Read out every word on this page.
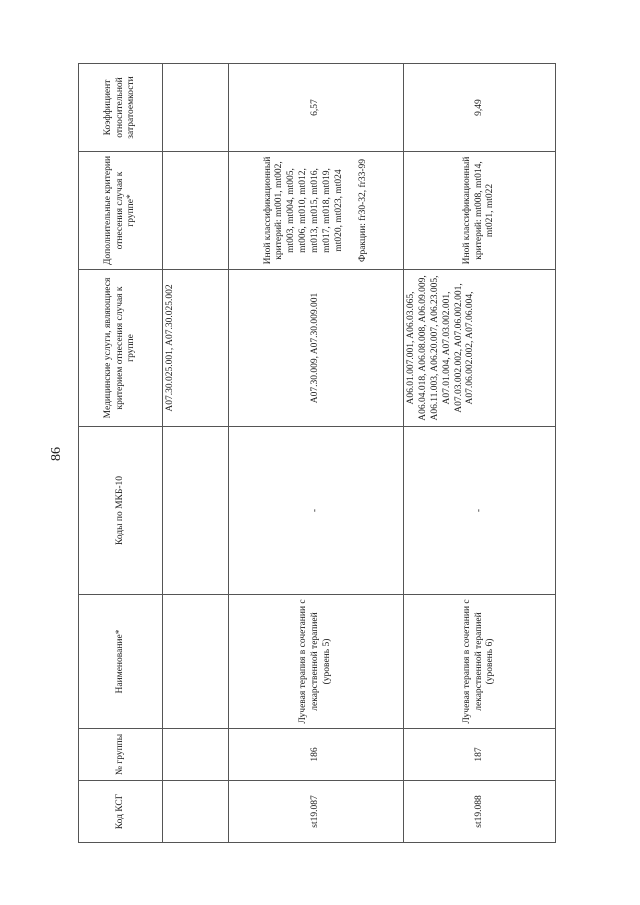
86
Код КСГ	№ группы	Наименование*	Коды по МКБ-10	Медицинские услуги, являющиеся критерием отнесения случая к группе	Дополнительные критерии отнесения случая к группе*	Коэффициент относительной затратоемкости
				A07.30.025.001, A07.30.025.002		
st19.087	186	Лучевая терапия в сочетании с лекарственной терапией (уровень 5)	-	A07.30.009, A07.30.009.001	Иной классификационный критерий: mt001, mt002, mt003, mt004, mt005, mt006, mt010, mt012, mt013, mt015, mt016, mt017, mt018, mt019, mt020, mt023, mt024 Фракции: fr30-32, fr33-99	6,57
st19.088	187	Лучевая терапия в сочетании с лекарственной терапией (уровень 6)	-	A06.01.007.001, A06.03.065, A06.04.018, A06.08.008, A06.09.009, A06.11.003, A06.20.007, A06.23.005, A07.01.004, A07.03.002.001, A07.03.002.002, A07.06.002.001, A07.06.002.002, A07.06.004,	Иной классификационный критерий: mt008, mt014, mt021, mt022	9,49
